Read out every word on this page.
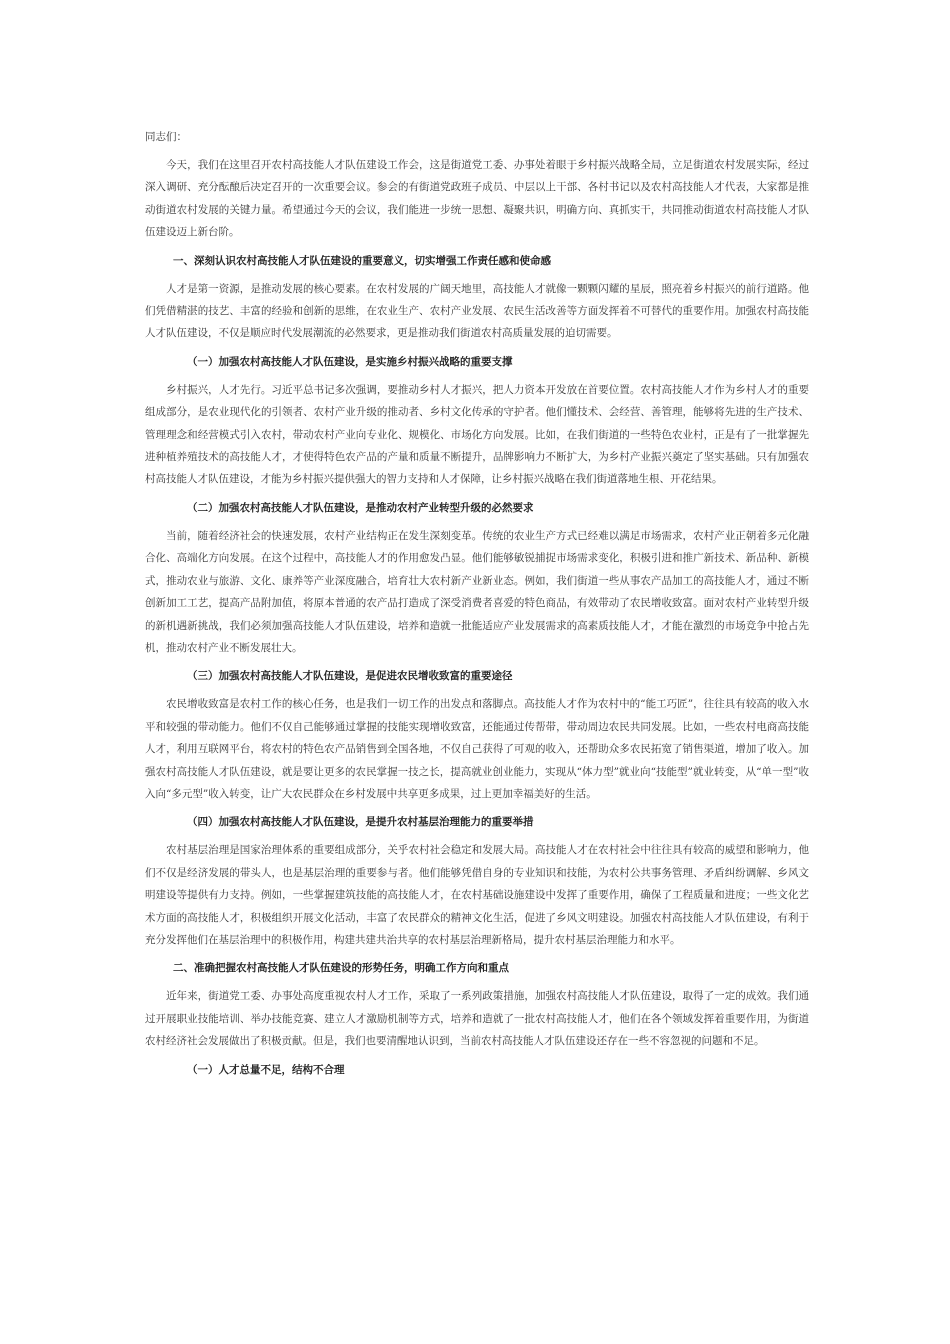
同志们：

今天，我们在这里召开农村高技能人才队伍建设工作会，这是街道党工委、办事处着眼于乡村振兴战略全局，立足街道农村发展实际，经过深入调研、充分酝酿后决定召开的一次重要会议。参会的有街道党政班子成员、中层以上干部、各村书记以及农村高技能人才代表，大家都是推动街道农村发展的关键力量。希望通过今天的会议，我们能进一步统一思想、凝聚共识，明确方向、真抓实干，共同推动街道农村高技能人才队伍建设迈上新台阶。

一、深刻认识农村高技能人才队伍建设的重要意义，切实增强工作责任感和使命感

人才是第一资源，是推动发展的核心要素。在农村发展的广阔天地里，高技能人才就像一颗颗闪耀的星辰，照亮着乡村振兴的前行道路。他们凭借精湛的技艺、丰富的经验和创新的思维，在农业生产、农村产业发展、农民生活改善等方面发挥着不可替代的重要作用。加强农村高技能人才队伍建设，不仅是顺应时代发展潮流的必然要求，更是推动我们街道农村高质量发展的迫切需要。

（一）加强农村高技能人才队伍建设，是实施乡村振兴战略的重要支撑

乡村振兴，人才先行。习近平总书记多次强调，要推动乡村人才振兴，把人力资本开发放在首要位置。农村高技能人才作为乡村人才的重要组成部分，是农业现代化的引领者、农村产业升级的推动者、乡村文化传承的守护者。他们懂技术、会经营、善管理，能够将先进的生产技术、管理理念和经营模式引入农村，带动农村产业向专业化、规模化、市场化方向发展。比如，在我们街道的一些特色农业村，正是有了一批掌握先进种植养殖技术的高技能人才，才使得特色农产品的产量和质量不断提升，品牌影响力不断扩大，为乡村产业振兴奠定了坚实基础。只有加强农村高技能人才队伍建设，才能为乡村振兴提供强大的智力支持和人才保障，让乡村振兴战略在我们街道落地生根、开花结果。

（二）加强农村高技能人才队伍建设，是推动农村产业转型升级的必然要求

当前，随着经济社会的快速发展，农村产业结构正在发生深刻变革。传统的农业生产方式已经难以满足市场需求，农村产业正朝着多元化融合化、高端化方向发展。在这个过程中，高技能人才的作用愈发凸显。他们能够敏锐捕捉市场需求变化，积极引进和推广新技术、新品种、新模式，推动农业与旅游、文化、康养等产业深度融合，培育壮大农村新产业新业态。例如，我们街道一些从事农产品加工的高技能人才，通过不断创新加工工艺，提高产品附加值，将原本普通的农产品打造成了深受消费者喜爱的特色商品，有效带动了农民增收致富。面对农村产业转型升级的新机遇新挑战，我们必须加强高技能人才队伍建设，培养和造就一批能适应产业发展需求的高素质技能人才，才能在激烈的市场竞争中抢占先机，推动农村产业不断发展壮大。

（三）加强农村高技能人才队伍建设，是促进农民增收致富的重要途径

农民增收致富是农村工作的核心任务，也是我们一切工作的出发点和落脚点。高技能人才作为农村中的“能工巧匠”，往往具有较高的收入水平和较强的带动能力。他们不仅自己能够通过掌握的技能实现增收致富，还能通过传帮带，带动周边农民共同发展。比如，一些农村电商高技能人才，利用互联网平台，将农村的特色农产品销售到全国各地，不仅自己获得了可观的收入，还帮助众多农民拓宽了销售渠道，增加了收入。加强农村高技能人才队伍建设，就是要让更多的农民掌握一技之长，提高就业创业能力，实现从“体力型”就业向“技能型”就业转变，从“单一型”收入向“多元型”收入转变，让广大农民群众在乡村发展中共享更多成果，过上更加幸福美好的生活。

（四）加强农村高技能人才队伍建设，是提升农村基层治理能力的重要举措

农村基层治理是国家治理体系的重要组成部分，关乎农村社会稳定和发展大局。高技能人才在农村社会中往往具有较高的威望和影响力，他们不仅是经济发展的带头人，也是基层治理的重要参与者。他们能够凭借自身的专业知识和技能，为农村公共事务管理、矛盾纠纷调解、乡风文明建设等提供有力支持。例如，一些掌握建筑技能的高技能人才，在农村基础设施建设中发挥了重要作用，确保了工程质量和进度；一些文化艺术方面的高技能人才，积极组织开展文化活动，丰富了农民群众的精神文化生活，促进了乡风文明建设。加强农村高技能人才队伍建设，有利于充分发挥他们在基层治理中的积极作用，构建共建共治共享的农村基层治理新格局，提升农村基层治理能力和水平。

二、准确把握农村高技能人才队伍建设的形势任务，明确工作方向和重点

近年来，街道党工委、办事处高度重视农村人才工作，采取了一系列政策措施，加强农村高技能人才队伍建设，取得了一定的成效。我们通过开展职业技能培训、举办技能竞赛、建立人才激励机制等方式，培养和造就了一批农村高技能人才，他们在各个领域发挥着重要作用，为街道农村经济社会发展做出了积极贡献。但是，我们也要清醒地认识到，当前农村高技能人才队伍建设还存在一些不容忽视的问题和不足。

（一）人才总量不足，结构不合理
